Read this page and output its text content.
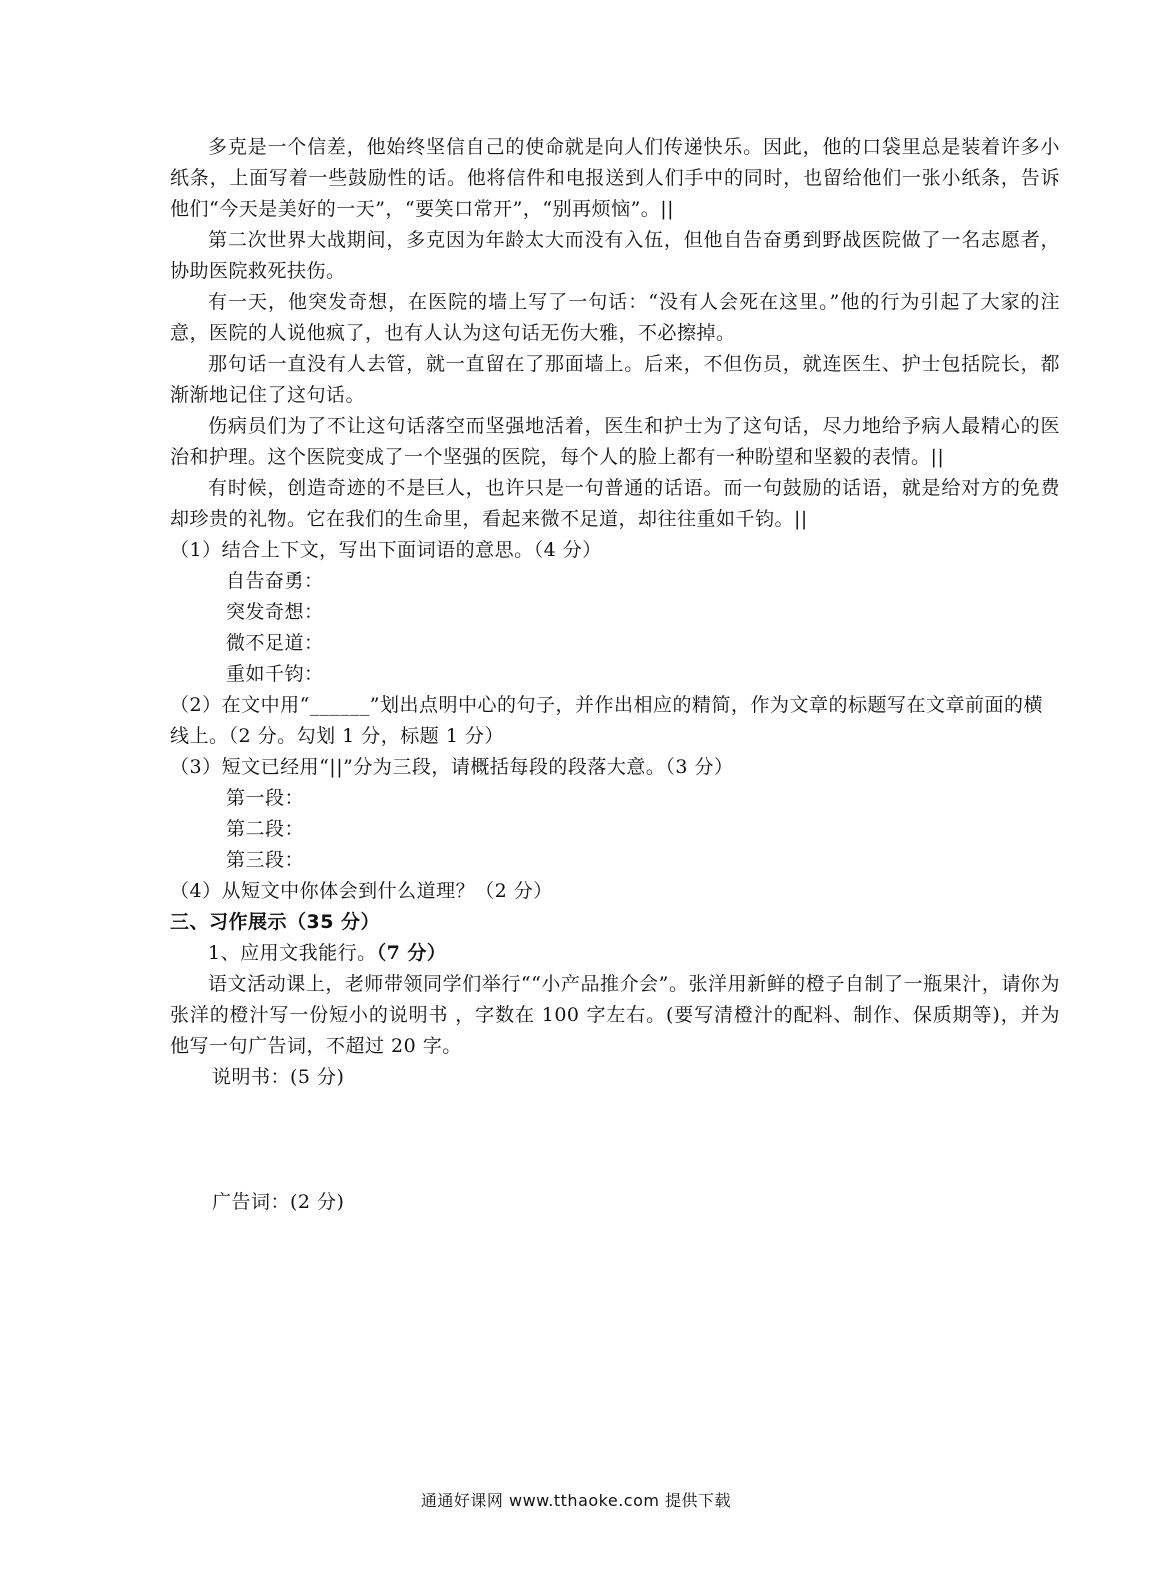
多克是一个信差，他始终坚信自己的使命就是向人们传递快乐。因此，他的口袋里总是装着许多小纸条，上面写着一些鼓励性的话。他将信件和电报送到人们手中的同时，也留给他们一张小纸条，告诉他们“今天是美好的一天”，“要笑口常开”，“别再烦恼”。||

第二次世界大战期间，多克因为年龄太大而没有入伍，但他自告奋勇到野战医院做了一名志愿者，协助医院救死扶伤。

有一天，他突发奇想，在医院的墙上写了一句话：“没有人会死在这里。”他的行为引起了大家的注意，医院的人说他疯了，也有人认为这句话无伤大雅，不必擦掉。

那句话一直没有人去管，就一直留在了那面墙上。后来，不但伤员，就连医生、护士包括院长，都渐渐地记住了这句话。

伤病员们为了不让这句话落空而坚强地活着，医生和护士为了这句话，尽力地给予病人最精心的医治和护理。这个医院变成了一个坚强的医院，每个人的脸上都有一种盼望和坚毅的表情。||

有时候，创造奇迹的不是巨人，也许只是一句普通的话语。而一句鼓励的话语，就是给对方的免费却珍贵的礼物。它在我们的生命里，看起来微不足道，却往往重如千钧。||

（1）结合上下文，写出下面词语的意思。（4 分）

自告奋勇：

突发奇想：

微不足道：

重如千钧：

（2）在文中用“______”划出点明中心的句子，并作出相应的精简，作为文章的标题写在文章前面的横线上。（2 分。勾划 1 分，标题 1 分）

（3）短文已经用“||”分为三段，请概括每段的段落大意。（3 分）

第一段：

第二段：

第三段：

（4）从短文中你体会到什么道理？（2 分）

三、习作展示（35 分）

1、应用文我能行。（7 分）

语文活动课上，老师带领同学们举行““小产品推介会”。张洋用新鲜的橙子自制了一瓶果汁，请你为张洋的橙汁写一份短小的说明书 ，字数在 100 字左右。(要写清橙汁的配料、制作、保质期等)，并为他写一句广告词，不超过 20 字。

说明书：(5 分)

广告词：(2 分)

通通好课网 www.tthaoke.com 提供下载
